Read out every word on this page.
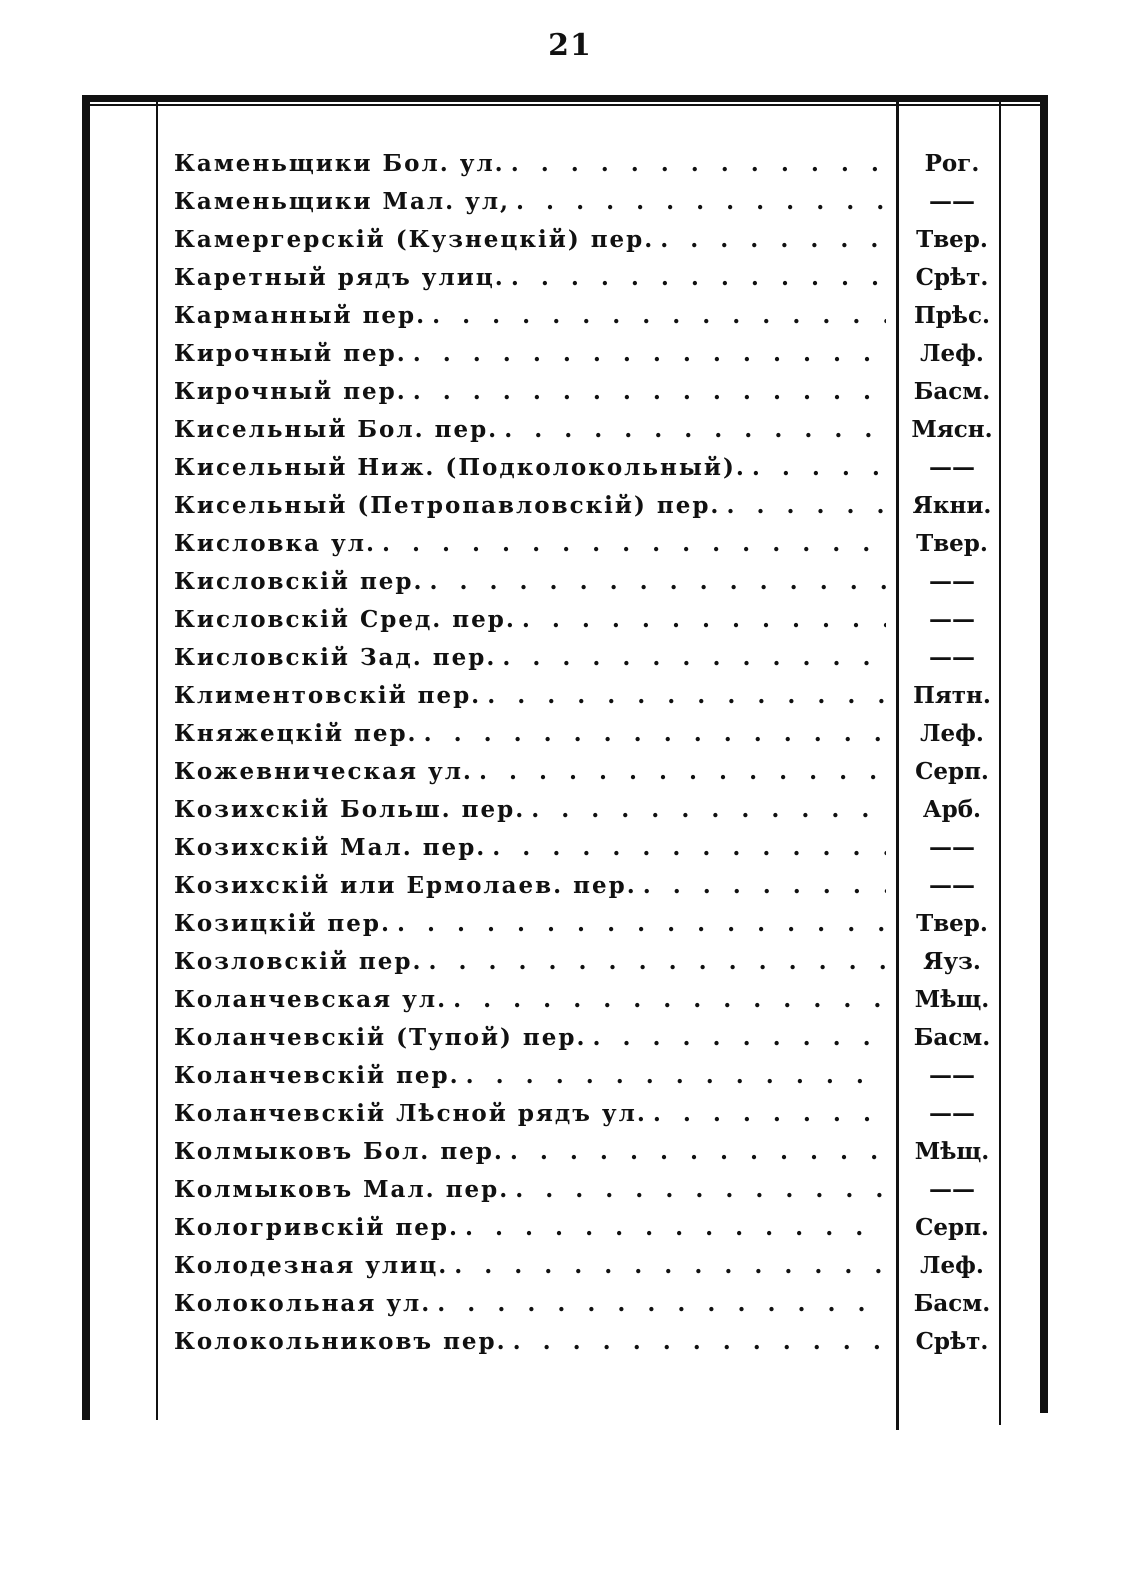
21
Каменьщики Бол. ул. . . .	Рог.
Каменьщики Мал. ул, . . .	——
Камергерскій (Кузнецкій) пер. . . .	Твер.
Каретный рядъ улиц. . . .	Срѣт.
Карманный пер. . . .	Прѣс.
Кирочный пер. . . .	Леф.
Кирочный пер. . . .	Басм.
Кисельный Бол. пер. . . .	Мясн.
Кисельный Ниж. (Подколокольный). . . .	——
Кисельный (Петропавловскій) пер. . . .	Якни.
Кисловка ул. . . .	Твер.
Кисловскій пер. . . .	——
Кисловскій Сред. пер. . . .	——
Кисловскій Зад. пер. . . .	——
Климентовскій пер. . . .	Пятн.
Княжецкій пер. . . .	Леф.
Кожевническая ул. . . .	Серп.
Козихскій Больш. пер. . . .	Арб.
Козихскій Мал. пер. . . .	——
Козихскій или Ермолаев. пер. . . .	——
Козицкій пер. . . .	Твер.
Козловскій пер. . . .	Яуз.
Коланчевская ул. . . .	Мѣщ.
Коланчевскій (Тупой) пер. . . .	Басм.
Коланчевскій пер. . . .	——
Коланчевскій Лѣсной рядъ ул. . . .	——
Колмыковъ Бол. пер. . . .	Мѣщ.
Колмыковъ Мал. пер. . . .	——
Кологривскій пер. . . .	Серп.
Колодезная улиц. . . .	Леф.
Колокольная ул. . . .	Басм.
Колокольниковъ пер. . . .	Срѣт.
